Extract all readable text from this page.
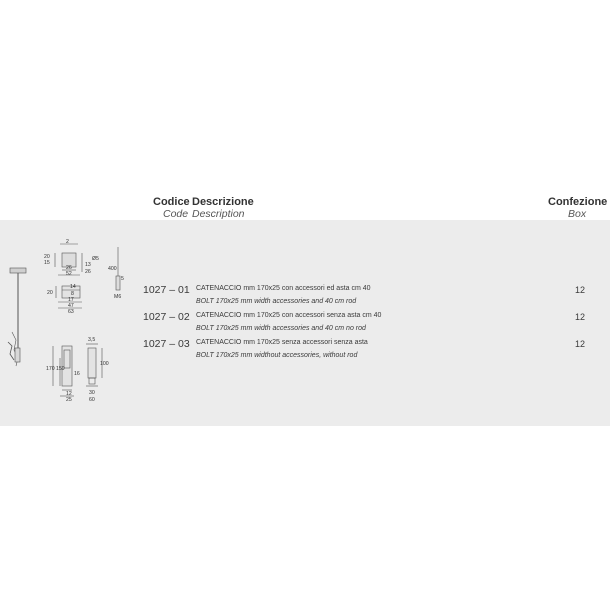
Codice Descrizione
Code Description
Confezione
Box
2
20
15
26
52
13
26
Ø5
400
5
M6
20
14
8
17
47
63
3,5
170 159
16
100
12
25
30
60
1027 – 01 CATENACCIO mm 170x25 con accessori ed asta cm 40
BOLT 170x25 mm width accessories and 40 cm rod
12
1027 – 02 CATENACCIO mm 170x25 con accessori senza asta cm 40
BOLT 170x25 mm width accessories and 40 cm no rod
12
1027 – 03 CATENACCIO mm 170x25 senza accessori senza asta
BOLT 170x25 mm widthout accessories, without rod
12
